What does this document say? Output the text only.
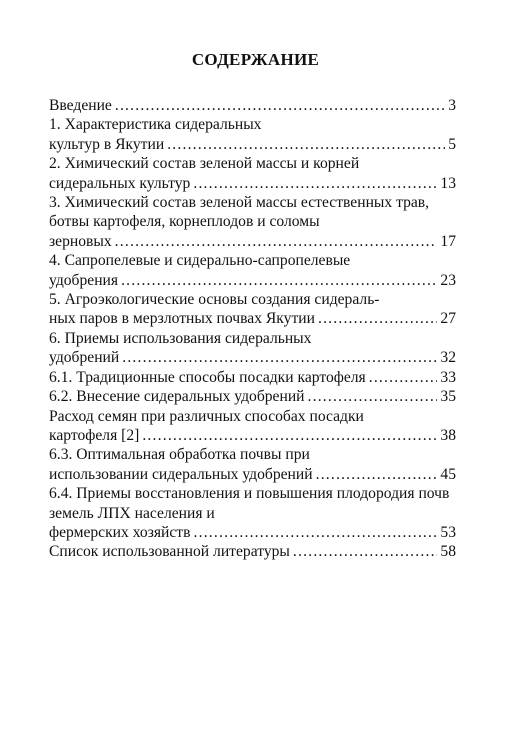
СОДЕРЖАНИЕ
Введение .....	3
1. Характеристика сидеральных
культур в Якутии .....	5
2. Химический состав зеленой массы и корней
сидеральных культур .....	13
3. Химический состав зеленой массы естественных трав, ботвы картофеля, корнеплодов и соломы
зерновых .....	17
4. Сапропелевые и сидерально-сапропелевые
удобрения .....	23
5. Агроэкологические основы создания сидераль-
ных паров в мерзлотных почвах Якутии .....	27
6. Приемы использования сидеральных
удобрений .....	32
6.1. Традиционные способы посадки картофеля .....	33
6.2. Внесение сидеральных удобрений .....	35
Расход семян при различных способах посадки
картофеля [2] .....	38
6.3. Оптимальная обработка почвы при
использовании сидеральных удобрений .....	45
6.4. Приемы восстановления и повышения плодородия почв земель ЛПХ населения и
фермерских хозяйств .....	53
Список использованной литературы .....	58
